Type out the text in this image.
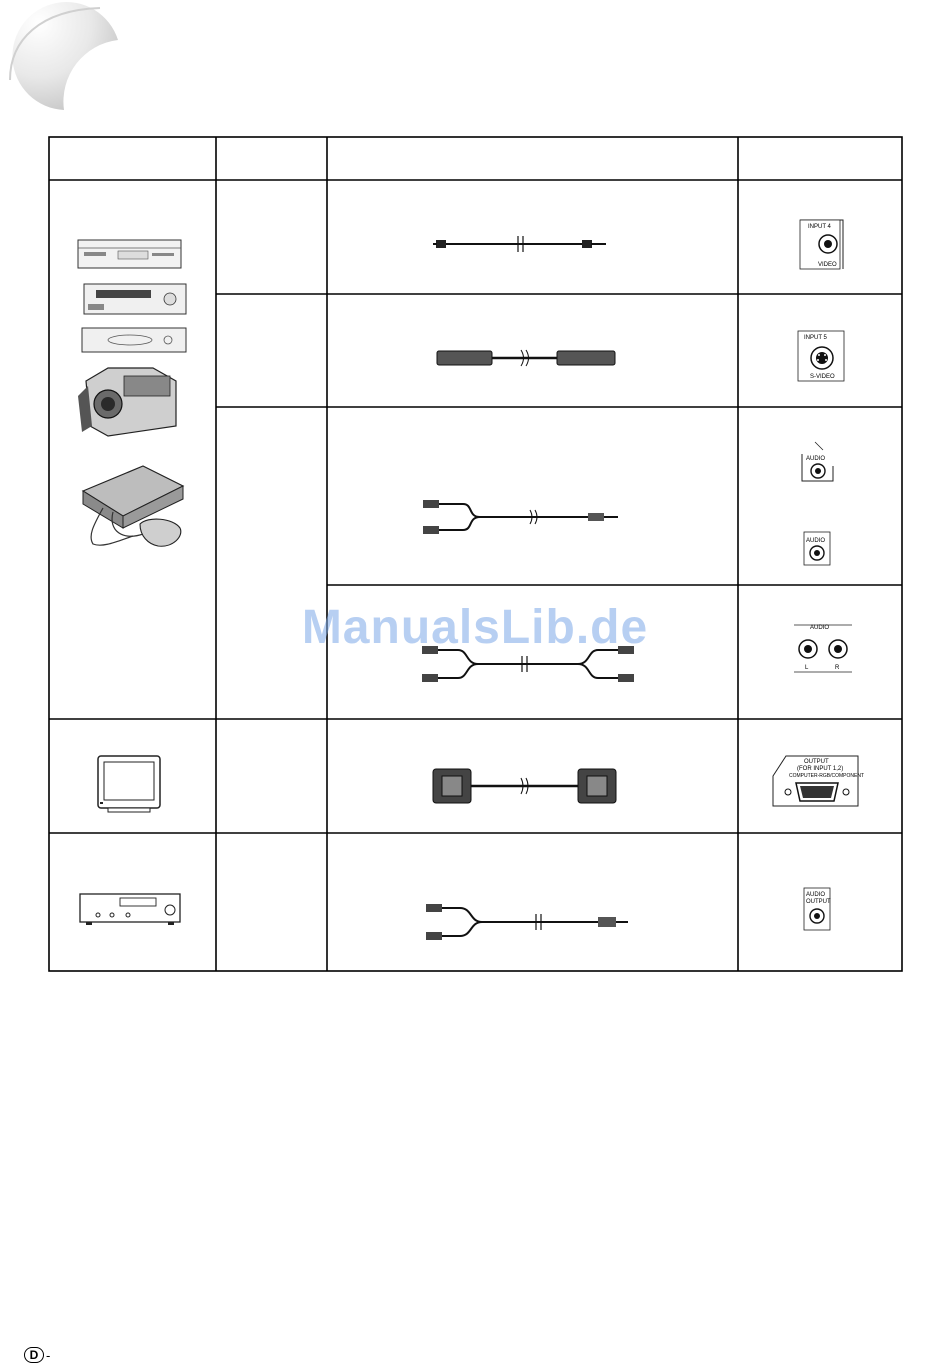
INPUT 4
VIDEO
INPUT 5
S-VIDEO
AUDIO
AUDIO
AUDIO
L	R
OUTPUT
(FOR INPUT 1,2)
COMPUTER-RGB/COMPONENT
AUDIO
OUTPUT
ManualsLib.de
D -
